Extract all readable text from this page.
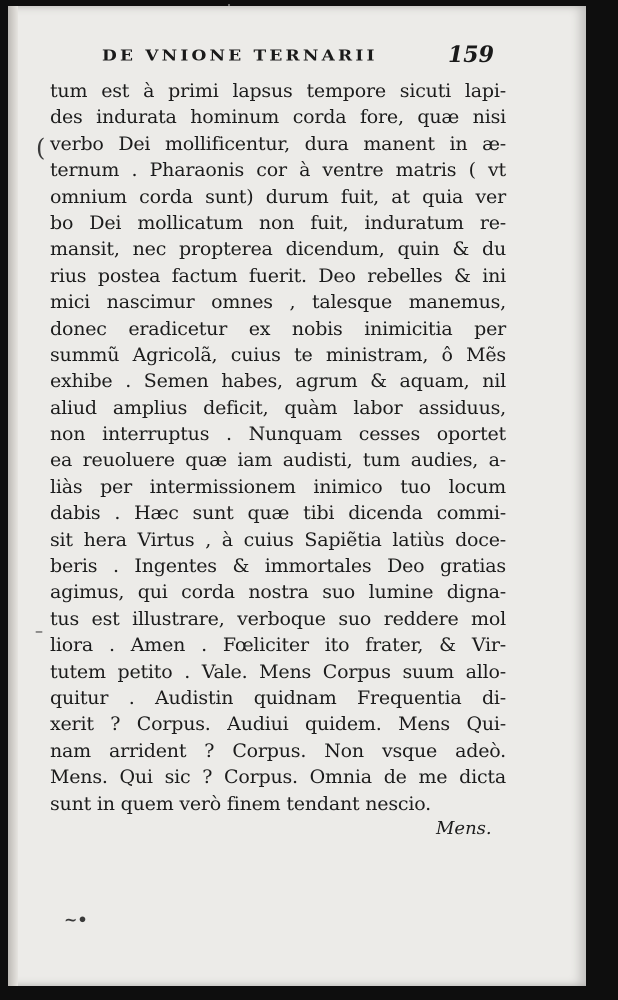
DE VNIONE TERNARII	159
(
–
~•
tum est à primi lapsus tempore sicuti lapi-
des indurata hominum corda fore, quæ nisi
verbo Dei mollificentur, dura manent in æ-
ternum . Pharaonis cor à ventre matris ( vt
omnium corda sunt) durum fuit, at quia ver
bo Dei mollicatum non fuit, induratum re-
mansit, nec propterea dicendum, quin & du
rius postea factum fuerit. Deo rebelles & ini
mici nascimur omnes , talesque manemus,
donec eradicetur ex nobis inimicitia per
summũ Agricolã, cuius te ministram, ô Mẽs
exhibe . Semen habes, agrum & aquam, nil
aliud amplius deficit, quàm labor assiduus,
non interruptus . Nunquam cesses oportet
ea reuoluere quæ iam audisti, tum audies, a-
liàs per intermissionem inimico tuo locum
dabis . Hæc sunt quæ tibi dicenda commi-
sit hera Virtus , à cuius Sapiẽtia latiùs doce-
beris . Ingentes & immortales Deo gratias
agimus, qui corda nostra suo lumine digna-
tus est illustrare, verboque suo reddere mol
liora . Amen . Fœliciter ito frater, & Vir-
tutem petito . Vale. Mens Corpus suum allo-
quitur . Audistin quidnam Frequentia di-
xerit ? Corpus. Audiui quidem. Mens Qui-
nam arrident ? Corpus. Non vsque adeò.
Mens. Qui sic ? Corpus. Omnia de me dicta
sunt in quem verò finem tendant nescio.
Mens.
